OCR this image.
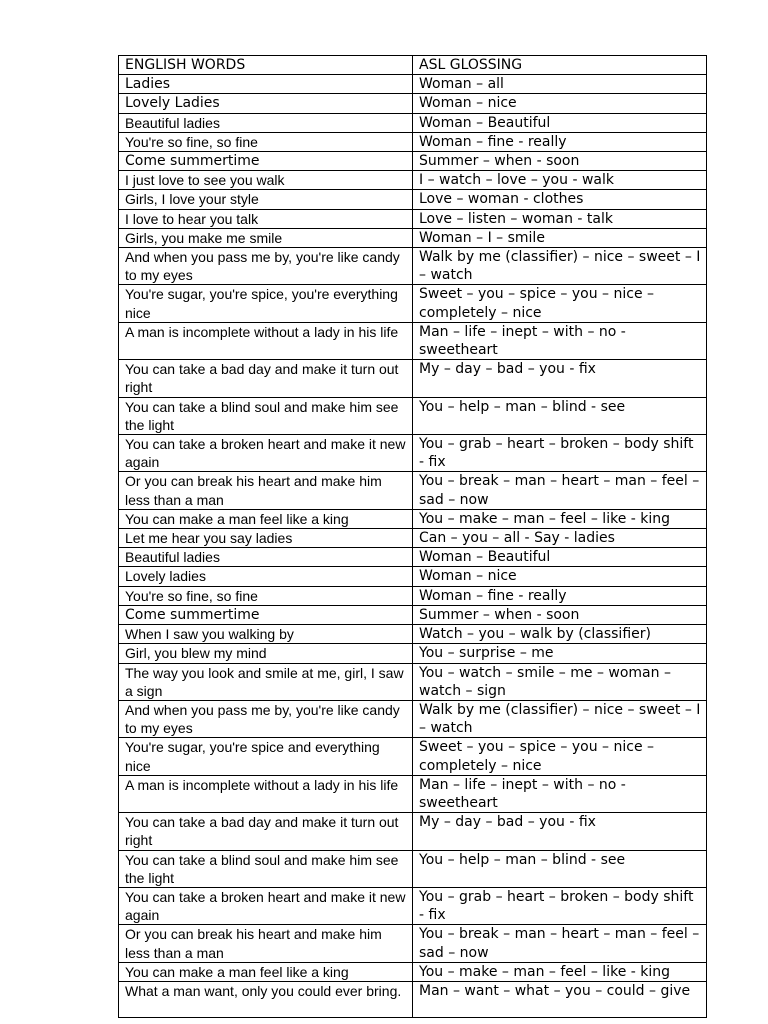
ENGLISH WORDS	ASL GLOSSING
Ladies	Woman – all
Lovely Ladies	Woman – nice
Beautiful ladies	Woman – Beautiful
You're so fine, so fine	Woman – fine - really
Come summertime	Summer – when - soon
I just love to see you walk	I – watch – love – you - walk
Girls, I love your style	Love – woman - clothes
I love to hear you talk	Love – listen – woman - talk
Girls, you make me smile	Woman – I – smile
And when you pass me by, you're like candy to my eyes	Walk by me (classifier) – nice – sweet – I – watch
You're sugar, you're spice, you're everything nice	Sweet – you – spice – you – nice – completely – nice
A man is incomplete without a lady in his life	Man – life – inept – with – no - sweetheart
You can take a bad day and make it turn out right	My – day – bad – you - fix
You can take a blind soul and make him see the light	You – help – man – blind - see
You can take a broken heart and make it new again	You – grab – heart – broken – body shift - fix
Or you can break his heart and make him less than a man	You – break – man – heart – man – feel – sad – now
You can make a man feel like a king	You – make – man – feel – like - king
Let me hear you say ladies	Can – you – all - Say - ladies
Beautiful ladies	Woman – Beautiful
Lovely ladies	Woman – nice
You're so fine, so fine	Woman – fine - really
Come summertime	Summer – when - soon
When I saw you walking by	Watch – you – walk by (classifier)
Girl, you blew my mind	You – surprise – me
The way you look and smile at me, girl, I saw a sign	You – watch – smile – me – woman – watch – sign
And when you pass me by, you're like candy to my eyes	Walk by me (classifier) – nice – sweet – I – watch
You're sugar, you're spice and everything nice	Sweet – you – spice – you – nice – completely – nice
A man is incomplete without a lady in his life	Man – life – inept – with – no - sweetheart
You can take a bad day and make it turn out right	My – day – bad – you - fix
You can take a blind soul and make him see the light	You – help – man – blind - see
You can take a broken heart and make it new again	You – grab – heart – broken – body shift - fix
Or you can break his heart and make him less than a man	You – break – man – heart – man – feel – sad – now
You can make a man feel like a king	You – make – man – feel – like - king
What a man want, only you could ever bring.	Man – want – what – you – could – give
